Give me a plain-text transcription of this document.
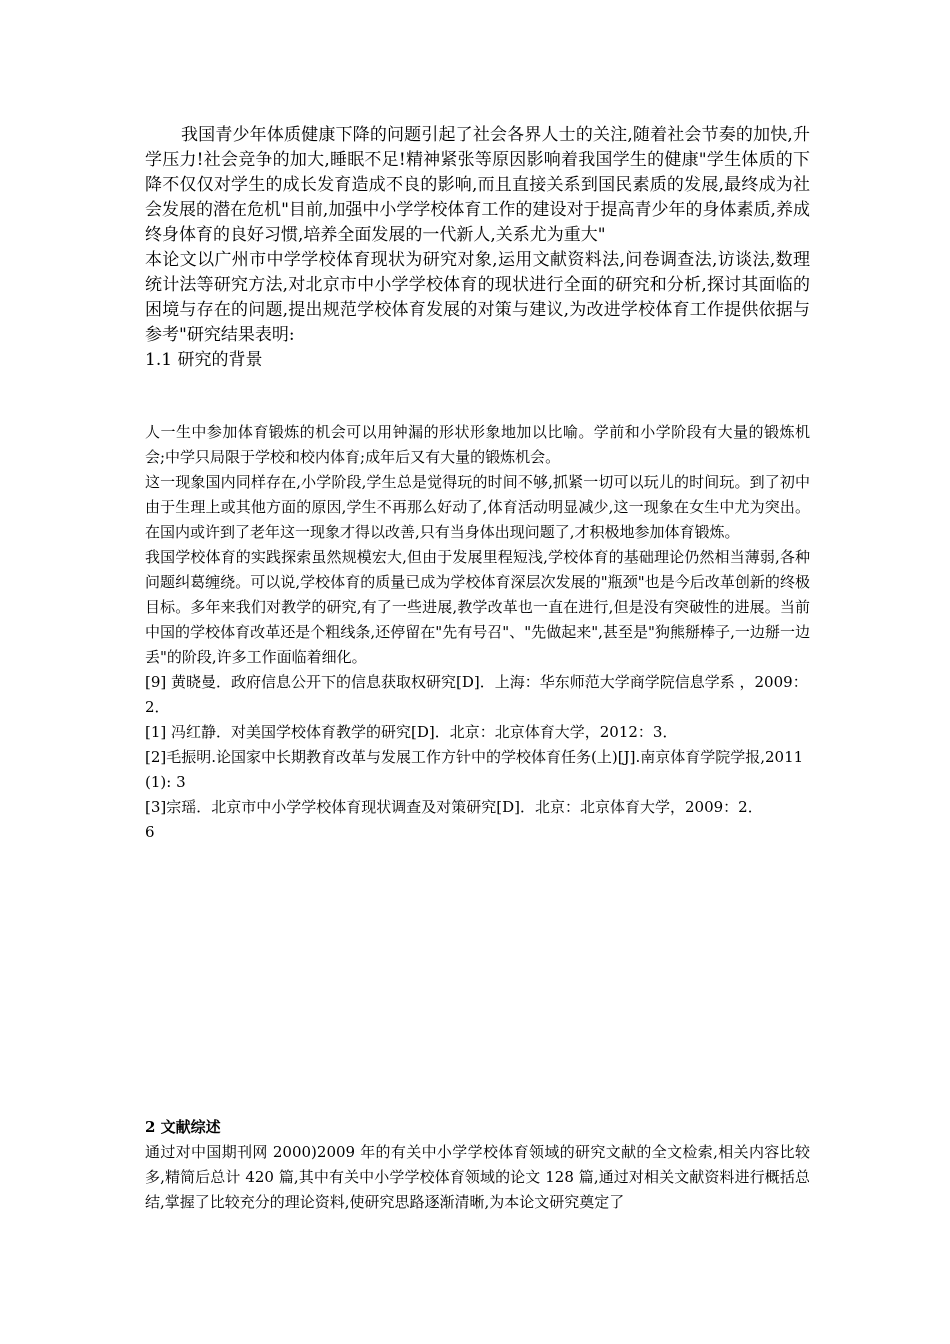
我国青少年体质健康下降的问题引起了社会各界人士的关注,随着社会节奏的加快,升学压力!社会竞争的加大,睡眠不足!精神紧张等原因影响着我国学生的健康"学生体质的下降不仅仅对学生的成长发育造成不良的影响,而且直接关系到国民素质的发展,最终成为社会发展的潜在危机"目前,加强中小学学校体育工作的建设对于提高青少年的身体素质,养成终身体育的良好习惯,培养全面发展的一代新人,关系尤为重大"

本论文以广州市中学学校体育现状为研究对象,运用文献资料法,问卷调查法,访谈法,数理统计法等研究方法,对北京市中小学学校体育的现状进行全面的研究和分析,探讨其面临的困境与存在的问题,提出规范学校体育发展的对策与建议,为改进学校体育工作提供依据与参考"研究结果表明:

1.1 研究的背景

人一生中参加体育锻炼的机会可以用钟漏的形状形象地加以比喻。学前和小学阶段有大量的锻炼机会;中学只局限于学校和校内体育;成年后又有大量的锻炼机会。

这一现象国内同样存在,小学阶段,学生总是觉得玩的时间不够,抓紧一切可以玩儿的时间玩。到了初中由于生理上或其他方面的原因,学生不再那么好动了,体育活动明显减少,这一现象在女生中尤为突出。在国内或许到了老年这一现象才得以改善,只有当身体出现问题了,才积极地参加体育锻炼。

我国学校体育的实践探索虽然规模宏大,但由于发展里程短浅,学校体育的基础理论仍然相当薄弱,各种问题纠葛缠绕。可以说,学校体育的质量已成为学校体育深层次发展的"瓶颈"也是今后改革创新的终极目标。多年来我们对教学的研究,有了一些进展,教学改革也一直在进行,但是没有突破性的进展。当前中国的学校体育改革还是个粗线条,还停留在"先有号召"、"先做起来",甚至是"狗熊掰棒子,一边掰一边丢"的阶段,许多工作面临着细化。

[9] 黄晓曼．政府信息公开下的信息获取权研究[D]．上海：华东师范大学商学院信息学系 ，2009：2．

[1] 冯红静．对美国学校体育教学的研究[D]．北京：北京体育大学，2012：3．

[2]毛振明.论国家中长期教育改革与发展工作方针中的学校体育任务(上)[J].南京体育学院学报,2011 (1): 3

[3]宗瑶．北京市中小学学校体育现状调查及对策研究[D]．北京：北京体育大学，2009：2．

6

2 文献综述

通过对中国期刊网 2000)2009 年的有关中小学学校体育领域的研究文献的全文检索,相关内容比较多,精简后总计 420 篇,其中有关中小学学校体育领域的论文 128 篇,通过对相关文献资料进行概括总结,掌握了比较充分的理论资料,使研究思路逐渐清晰,为本论文研究奠定了
